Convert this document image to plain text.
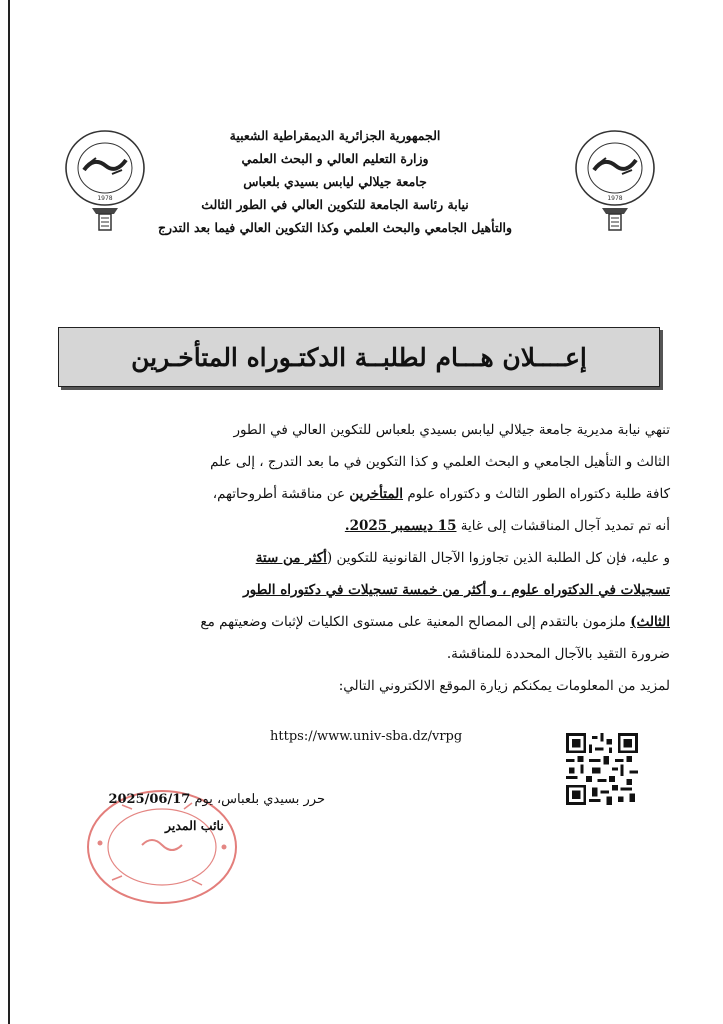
1978	1978
الجمهورية الجزائرية الديمقراطية الشعبية
وزارة التعليم العالي و البحث العلمي
جامعة جيلالي ليابس بسيدي بلعباس
نيابة رئاسة الجامعة للتكوين العالي في الطور الثالث
والتأهيل الجامعي والبحث العلمي وكذا التكوين العالي فيما بعد التدرج
إعــــلان هـــام لطلبــة الدكتـوراه المتأخـرين
تنهي نيابة مديرية جامعة جيلالي ليابس بسيدي بلعباس للتكوين العالي في الطور
الثالث و التأهيل الجامعي و البحث العلمي و كذا التكوين في ما بعد التدرج ، إلى علم
كافة طلبة دكتوراه الطور الثالث و دكتوراه علوم المتأخرين عن مناقشة أطروحاتهم،
أنه تم تمديد آجال المناقشات إلى غاية 15 ديسمبر 2025.
و عليه، فإن كل الطلبة الذين تجاوزوا الآجال القانونية للتكوين (أكثر من ستة
تسجيلات في الدكتوراه علوم ، و أكثر من خمسة تسجيلات في دكتوراه الطور
الثالث) ملزمون بالتقدم إلى المصالح المعنية على مستوى الكليات لإثبات وضعيتهم مع
ضرورة التقيد بالآجال المحددة للمناقشة.
لمزيد من المعلومات يمكنكم زيارة الموقع الالكتروني التالي:
https://www.univ-sba.dz/vrpg
حرر بسيدي بلعباس، يوم 2025/06/17
نائب المدير
